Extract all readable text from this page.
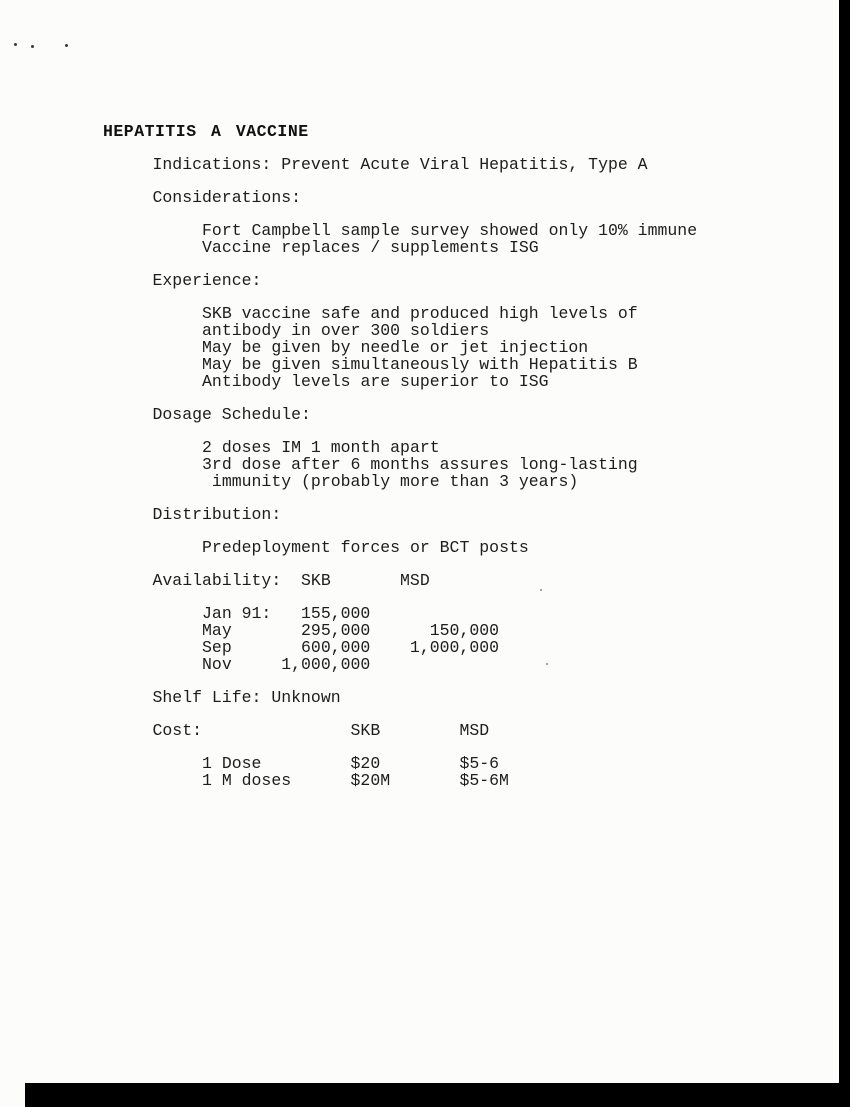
HEPATITIS A VACCINE
Indications: Prevent Acute Viral Hepatitis, Type A
Considerations:
Fort Campbell sample survey showed only 10% immune
Vaccine replaces / supplements ISG
Experience:
SKB vaccine safe and produced high levels of
antibody in over 300 soldiers
May be given by needle or jet injection
May be given simultaneously with Hepatitis B
Antibody levels are superior to ISG
Dosage Schedule:
2 doses IM 1 month apart
3rd dose after 6 months assures long-lasting
immunity (probably more than 3 years)
Distribution:
Predeployment forces or BCT posts
Availability:	SKB	MSD
Jan 91:	155,000
May	295,000	150,000
Sep	600,000	1,000,000
Nov	1,000,000
Shelf Life: Unknown
Cost:	SKB	MSD
1 Dose	$20	$5-6
1 M doses	$20M	$5-6M
